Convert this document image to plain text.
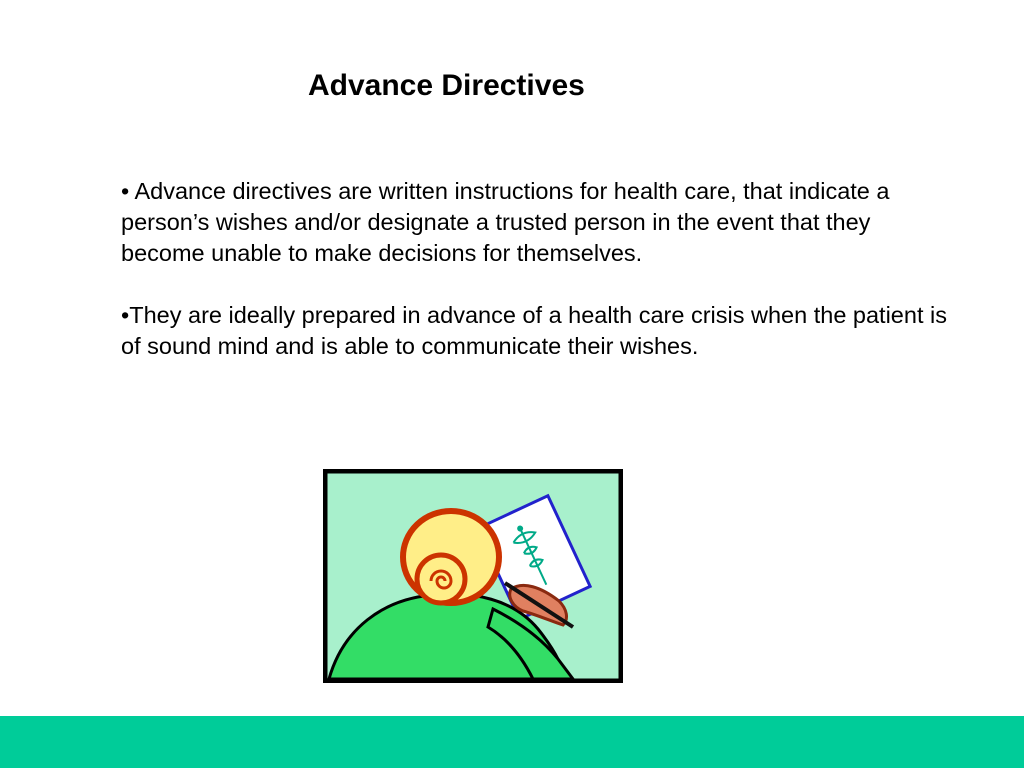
Advance Directives

• Advance directives are written instructions for health care, that indicate a person’s wishes and/or designate a trusted person in the event that they become unable to make decisions for themselves.

•They are ideally prepared in advance of a health care crisis when the patient is of sound mind and is able to communicate their wishes.
